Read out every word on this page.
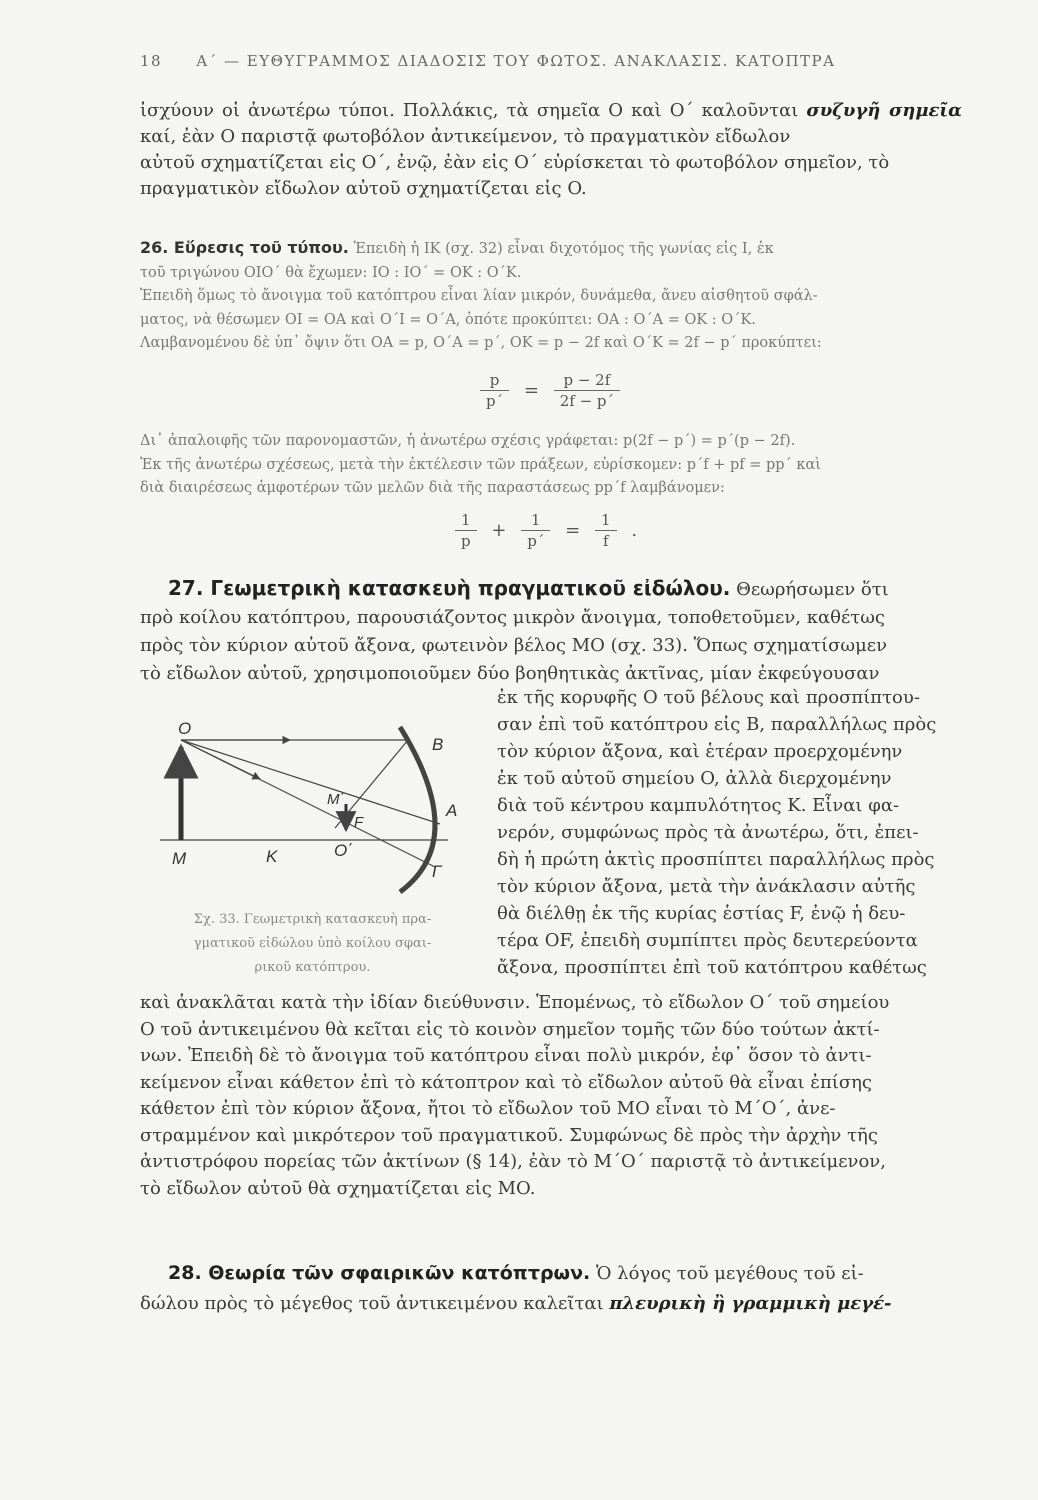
18 Α΄ — ΕΥΘΥΓΡΑΜΜΟΣ ΔΙΑΔΟΣΙΣ ΤΟΥ ΦΩΤΟΣ. ΑΝΑΚΛΑΣΙΣ. ΚΑΤΟΠΤΡΑ
ἰσχύουν οἱ ἀνωτέρω τύποι. Πολλάκις, τὰ σημεῖα O καὶ O΄ καλοῦνται συζυγῆ σημεῖα καί, ἐὰν O παριστᾷ φωτοβόλον ἀντικείμενον, τὸ πραγματικὸν εἴδωλον
αὐτοῦ σχηματίζεται εἰς O΄, ἐνῷ, ἐὰν εἰς O΄ εὑρίσκεται τὸ φωτοβόλον σημεῖον, τὸ
πραγματικὸν εἴδωλον αὐτοῦ σχηματίζεται εἰς O.
26. Εὕρεσις τοῦ τύπου. Ἐπειδὴ ἡ IK (σχ. 32) εἶναι διχοτόμος τῆς γωνίας εἰς I, ἐκ
τοῦ τριγώνου OIO΄ θὰ ἔχωμεν: IO : IO΄ = OK : O΄K.
Ἐπειδὴ ὅμως τὸ ἄνοιγμα τοῦ κατόπτρου εἶναι λίαν μικρόν, δυνάμεθα, ἄνευ αἰσθητοῦ σφάλ-
ματος, νὰ θέσωμεν OI = OA καὶ O΄I = O΄A, ὁπότε προκύπτει: OA : O΄A = OK : O΄K.
Λαμβανομένου δὲ ὑπ᾽ ὄψιν ὅτι OA = p, O΄A = p΄, OK = p − 2f καὶ O΄K = 2f − p΄ προκύπτει:
$\frac{p}{p΄} = \frac{p - 2f}{2f - p΄}$
Δι᾽ ἀπαλοιφῆς τῶν παρονομαστῶν, ἡ ἀνωτέρω σχέσις γράφεται: p(2f − p΄) = p΄(p − 2f).
Ἐκ τῆς ἀνωτέρω σχέσεως, μετὰ τὴν ἐκτέλεσιν τῶν πράξεων, εὑρίσκομεν: p΄f + pf = pp΄ καὶ
διὰ διαιρέσεως ἀμφοτέρων τῶν μελῶν διὰ τῆς παραστάσεως pp΄f λαμβάνομεν:
$\frac{1}{p} + \frac{1}{p΄} = \frac{1}{f}$ .
27. Γεωμετρικὴ κατασκευὴ πραγματικοῦ εἰδώλου. Θεωρήσωμεν ὅτι
πρὸ κοίλου κατόπτρου, παρουσιάζοντος μικρὸν ἄνοιγμα, τοποθετοῦμεν, καθέτως
πρὸς τὸν κύριον αὐτοῦ ἄξονα, φωτεινὸν βέλος MO (σχ. 33). Ὅπως σχηματίσωμεν
τὸ εἴδωλον αὐτοῦ, χρησιμοποιοῦμεν δύο βοηθητικὰς ἀκτῖνας, μίαν ἐκφεύγουσαν
ἐκ τῆς κορυφῆς O τοῦ βέλους καὶ προσπίπτου-
σαν ἐπὶ τοῦ κατόπτρου εἰς B, παραλλήλως πρὸς
τὸν κύριον ἄξονα, καὶ ἑτέραν προερχομένην
ἐκ τοῦ αὐτοῦ σημείου O, ἀλλὰ διερχομένην
διὰ τοῦ κέντρου καμπυλότητος K. Εἶναι φα-
νερόν, συμφώνως πρὸς τὰ ἀνωτέρω, ὅτι, ἐπει-
δὴ ἡ πρώτη ἀκτὶς προσπίπτει παραλλήλως πρὸς
τὸν κύριον ἄξονα, μετὰ τὴν ἀνάκλασιν αὐτῆς
θὰ διέλθῃ ἐκ τῆς κυρίας ἑστίας F, ἐνῷ ἡ δευ-
τέρα OF, ἐπειδὴ συμπίπτει πρὸς δευτερεύοντα
ἄξονα, προσπίπτει ἐπὶ τοῦ κατόπτρου καθέτως
O
B
M΄
F
A
M	K	O΄
Γ
Σχ. 33. Γεωμετρικὴ κατασκευὴ πρα-
γματικοῦ εἰδώλου ὑπὸ κοίλου σφαι-
ρικοῦ κατόπτρου.
καὶ ἀνακλᾶται κατὰ τὴν ἰδίαν διεύθυνσιν. Ἑπομένως, τὸ εἴδωλον O΄ τοῦ σημείου
O τοῦ ἀντικειμένου θὰ κεῖται εἰς τὸ κοινὸν σημεῖον τομῆς τῶν δύο τούτων ἀκτί-
νων. Ἐπειδὴ δὲ τὸ ἄνοιγμα τοῦ κατόπτρου εἶναι πολὺ μικρόν, ἐφ᾽ ὅσον τὸ ἀντι-
κείμενον εἶναι κάθετον ἐπὶ τὸ κάτοπτρον καὶ τὸ εἴδωλον αὐτοῦ θὰ εἶναι ἐπίσης
κάθετον ἐπὶ τὸν κύριον ἄξονα, ἤτοι τὸ εἴδωλον τοῦ MO εἶναι τὸ M΄O΄, ἀνε-
στραμμένον καὶ μικρότερον τοῦ πραγματικοῦ. Συμφώνως δὲ πρὸς τὴν ἀρχὴν τῆς
ἀντιστρόφου πορείας τῶν ἀκτίνων (§ 14), ἐὰν τὸ M΄O΄ παριστᾷ τὸ ἀντικείμενον,
τὸ εἴδωλον αὐτοῦ θὰ σχηματίζεται εἰς MO.
28. Θεωρία τῶν σφαιρικῶν κατόπτρων. Ὁ λόγος τοῦ μεγέθους τοῦ εἰ-
δώλου πρὸς τὸ μέγεθος τοῦ ἀντικειμένου καλεῖται πλευρικὴ ἢ γραμμικὴ μεγέ-
